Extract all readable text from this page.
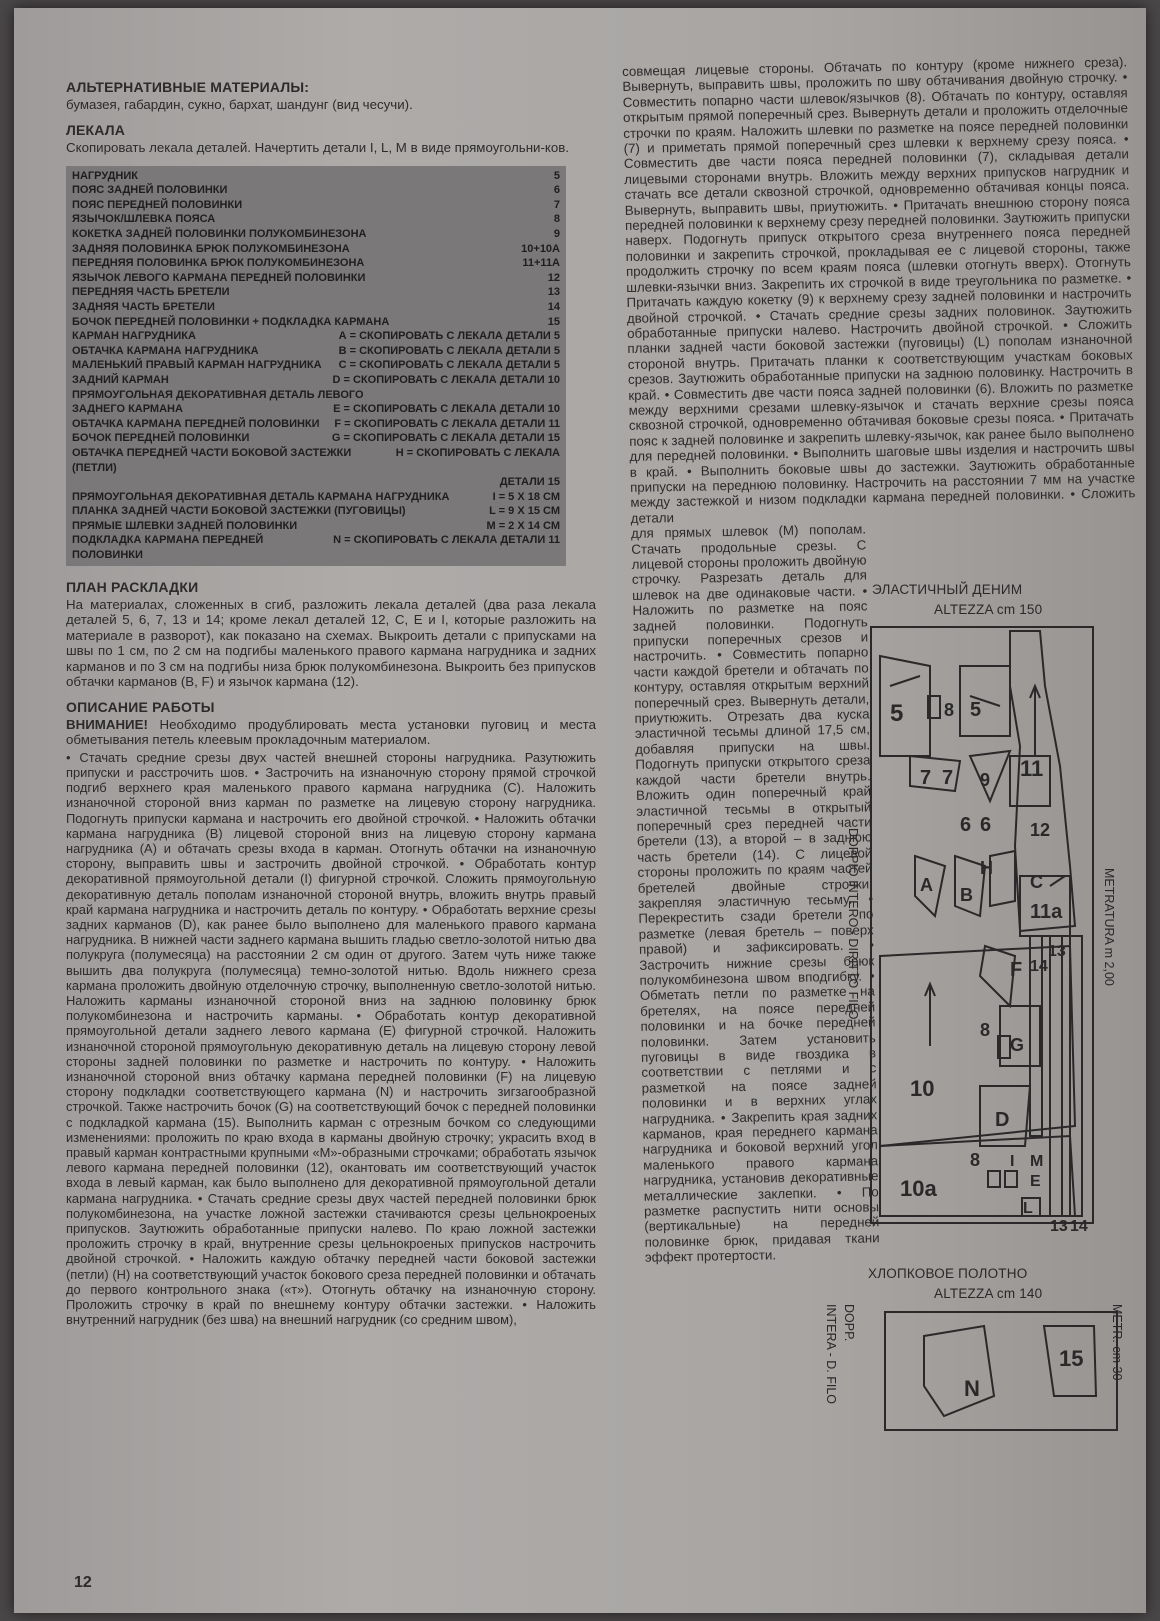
АЛЬТЕРНАТИВНЫЕ МАТЕРИАЛЫ:

бумазея, габардин, сукно, бархат, шандунг (вид чесучи).

ЛЕКАЛА

Скопировать лекала деталей. Начертить детали I, L, M в виде прямоугольни-ков.

НАГРУДНИК	5
ПОЯС ЗАДНЕЙ ПОЛОВИНКИ	6
ПОЯС ПЕРЕДНЕЙ ПОЛОВИНКИ	7
ЯЗЫЧОК/ШЛЕВКА ПОЯСА	8
КОКЕТКА ЗАДНЕЙ ПОЛОВИНКИ ПОЛУКОМБИНЕЗОНА	9
ЗАДНЯЯ ПОЛОВИНКА БРЮК ПОЛУКОМБИНЕЗОНА	10+10А
ПЕРЕДНЯЯ ПОЛОВИНКА БРЮК ПОЛУКОМБИНЕЗОНА	11+11А
ЯЗЫЧОК ЛЕВОГО КАРМАНА ПЕРЕДНЕЙ ПОЛОВИНКИ	12
ПЕРЕДНЯЯ ЧАСТЬ БРЕТЕЛИ	13
ЗАДНЯЯ ЧАСТЬ БРЕТЕЛИ	14
БОЧОК ПЕРЕДНЕЙ ПОЛОВИНКИ + ПОДКЛАДКА КАРМАНА	15
КАРМАН НАГРУДНИКА	А = СКОПИРОВАТЬ С ЛЕКАЛА ДЕТАЛИ 5
ОБТАЧКА КАРМАНА НАГРУДНИКА	В = СКОПИРОВАТЬ С ЛЕКАЛА ДЕТАЛИ 5
МАЛЕНЬКИЙ ПРАВЫЙ КАРМАН НАГРУДНИКА	С = СКОПИРОВАТЬ С ЛЕКАЛА ДЕТАЛИ 5
ЗАДНИЙ КАРМАН	D = СКОПИРОВАТЬ С ЛЕКАЛА ДЕТАЛИ 10
ПРЯМОУГОЛЬНАЯ ДЕКОРАТИВНАЯ ДЕТАЛЬ ЛЕВОГО
ЗАДНЕГО КАРМАНА	Е = СКОПИРОВАТЬ С ЛЕКАЛА ДЕТАЛИ 10
ОБТАЧКА КАРМАНА ПЕРЕДНЕЙ ПОЛОВИНКИ	F = СКОПИРОВАТЬ С ЛЕКАЛА ДЕТАЛИ 11
БОЧОК ПЕРЕДНЕЙ ПОЛОВИНКИ	G = СКОПИРОВАТЬ С ЛЕКАЛА ДЕТАЛИ 15
ОБТАЧКА ПЕРЕДНЕЙ ЧАСТИ БОКОВОЙ ЗАСТЕЖКИ (ПЕТЛИ)
Н = СКОПИРОВАТЬ С ЛЕКАЛА
ДЕТАЛИ 15
ПРЯМОУГОЛЬНАЯ ДЕКОРАТИВНАЯ ДЕТАЛЬ КАРМАНА НАГРУДНИКА	I = 5 X 18 СМ
ПЛАНКА ЗАДНЕЙ ЧАСТИ БОКОВОЙ ЗАСТЕЖКИ (ПУГОВИЦЫ)	L = 9 X 15 СМ
ПРЯМЫЕ ШЛЕВКИ ЗАДНЕЙ ПОЛОВИНКИ	M = 2 X 14 СМ
ПОДКЛАДКА КАРМАНА ПЕРЕДНЕЙ ПОЛОВИНКИ
N = СКОПИРОВАТЬ С ЛЕКАЛА ДЕТАЛИ 11
ПЛАН РАСКЛАДКИ

На материалах, сложенных в сгиб, разложить лекала деталей (два раза лекала деталей 5, 6, 7, 13 и 14; кроме лекал деталей 12, С, Е и I, которые разложить на материале в разворот), как показано на схемах. Выкроить детали с припусками на швы по 1 см, по 2 см на подгибы маленького правого кармана нагрудника и задних карманов и по 3 см на подгибы низа брюк полукомбинезона. Выкроить без припусков обтачки карманов (В, F) и язычок кармана (12).

ОПИСАНИЕ РАБОТЫ

ВНИМАНИЕ! Необходимо продублировать места установки пуговиц и места обметывания петель клеевым прокладочным материалом.

• Стачать средние срезы двух частей внешней стороны нагрудника. Разутюжить припуски и расстрочить шов. • Застрочить на изнаночную сторону прямой строчкой подгиб верхнего края маленького правого кармана нагрудника (С). Наложить изнаночной стороной вниз карман по разметке на лицевую сторону нагрудника. Подогнуть припуски кармана и настрочить его двойной строчкой. • Наложить обтачки кармана нагрудника (В) лицевой стороной вниз на лицевую сторону кармана нагрудника (А) и обтачать срезы входа в карман. Отогнуть обтачки на изнаночную сторону, выправить швы и застрочить двойной строчкой. • Обработать контур декоративной прямоугольной детали (I) фигурной строчкой. Сложить прямоугольную декоративную деталь пополам изнаночной стороной внутрь, вложить внутрь правый край кармана нагрудника и настрочить деталь по контуру. • Обработать верхние срезы задних карманов (D), как ранее было выполнено для маленького правого кармана нагрудника. В нижней части заднего кармана вышить гладью светло-золотой нитью два полукруга (полумесяца) на расстоянии 2 см один от другого. Затем чуть ниже также вышить два полукруга (полумесяца) темно-золотой нитью. Вдоль нижнего среза кармана проложить двойную отделочную строчку, выполненную светло-золотой нитью. Наложить карманы изнаночной стороной вниз на заднюю половинку брюк полукомбинезона и настрочить карманы. • Обработать контур декоративной прямоугольной детали заднего левого кармана (Е) фигурной строчкой. Наложить изнаночной стороной прямоугольную декоративную деталь на лицевую сторону левой стороны задней половинки по разметке и настрочить по контуру. • Наложить изнаночной стороной вниз обтачку кармана передней половинки (F) на лицевую сторону подкладки соответствующего кармана (N) и настрочить зигзагообразной строчкой. Также настрочить бочок (G) на соответствующий бочок с передней половинки с подкладкой кармана (15). Выполнить карман с отрезным бочком со следующими изменениями: проложить по краю входа в карманы двойную строчку; украсить вход в правый карман контрастными крупными «М»-образными строчками; обработать язычок левого кармана передней половинки (12), окантовать им соответствующий участок входа в левый карман, как было выполнено для декоративной прямоугольной детали кармана нагрудника. • Стачать средние срезы двух частей передней половинки брюк полукомбинезона, на участке ложной застежки стачиваются срезы цельнокроеных припусков. Заутюжить обработанные припуски налево. По краю ложной застежки проложить строчку в край, внутренние срезы цельнокроеных припусков настрочить двойной строчкой. • Наложить каждую обтачку передней части боковой застежки (петли) (Н) на соответствующий участок бокового среза передней половинки и обтачать до первого контрольного знака («т»). Отогнуть обтачку на изнаночную сторону. Проложить строчку в край по внешнему контуру обтачки застежки. • Наложить внутренний нагрудник (без шва) на внешний нагрудник (со средним швом),

12

совмещая лицевые стороны. Обтачать по контуру (кроме нижнего среза). Вывернуть, выправить швы, проложить по шву обтачивания двойную строчку. • Совместить попарно части шлевок/язычков (8). Обтачать по контуру, оставляя открытым прямой поперечный срез. Вывернуть детали и проложить отделочные строчки по краям. Наложить шлевки по разметке на поясе передней половинки (7) и приметать прямой поперечный срез шлевки к верхнему срезу пояса. • Совместить две части пояса передней половинки (7), складывая детали лицевыми сторонами внутрь. Вложить между верхних припусков нагрудник и стачать все детали сквозной строчкой, одновременно обтачивая концы пояса. Вывернуть, выправить швы, приутюжить. • Притачать внешнюю сторону пояса передней половинки к верхнему срезу передней половинки. Заутюжить припуски наверх. Подогнуть припуск открытого среза внутреннего пояса передней половинки и закрепить строчкой, прокладывая ее с лицевой стороны, также продолжить строчку по всем краям пояса (шлевки отогнуть вверх). Отогнуть шлевки-язычки вниз. Закрепить их строчкой в виде треугольника по разметке. • Притачать каждую кокетку (9) к верхнему срезу задней половинки и настрочить двойной строчкой. • Стачать средние срезы задних половинок. Заутюжить обработанные припуски налево. Настрочить двойной строчкой. • Сложить планки задней части боковой застежки (пуговицы) (L) пополам изнаночной стороной внутрь. Притачать планки к соответствующим участкам боковых срезов. Заутюжить обработанные припуски на заднюю половинку. Настрочить в край. • Совместить две части пояса задней половинки (6). Вложить по разметке между верхними срезами шлевку-язычок и стачать верхние срезы пояса сквозной строчкой, одновременно обтачивая боковые срезы пояса. • Притачать пояс к задней половинке и закрепить шлевку-язычок, как ранее было выполнено для передней половинки. • Выполнить шаговые швы изделия и настрочить швы в край. • Выполнить боковые швы до застежки. Заутюжить обработанные припуски на переднюю половинку. Настрочить на расстоянии 7 мм на участке между застежкой и низом подкладки кармана передней половинки. • Сложить детали

для прямых шлевок (М) пополам. Стачать продольные срезы. С лицевой стороны проложить двойную строчку. Разрезать деталь для шлевок на две одинаковые части. • Наложить по разметке на пояс задней половинки. Подогнуть припуски поперечных срезов и настрочить. • Совместить попарно части каждой бретели и обтачать по контуру, оставляя открытым верхний поперечный срез. Вывернуть детали, приутюжить. Отрезать два куска эластичной тесьмы длиной 17,5 см, добавляя припуски на швы. Подогнуть припуски открытого среза каждой части бретели внутрь. Вложить один поперечный край эластичной тесьмы в открытый поперечный срез передней части бретели (13), а второй – в заднюю часть бретели (14). С лицевой стороны проложить по краям частей бретелей двойные строчки, закрепляя эластичную тесьму. • Перекрестить сзади бретели по разметке (левая бретель – поверх правой) и зафиксировать. • Застрочить нижние срезы брюк полукомбинезона швом вподгибку. • Обметать петли по разметке на бретелях, на поясе передней половинки и на бочке передней половинки. Затем установить пуговицы в виде гвоздика в соответствии с петлями и с разметкой на поясе задней половинки и в верхних углах нагрудника. • Закрепить края задних карманов, края переднего кармана нагрудника и боковой верхний угол маленького правого кармана нагрудника, установив декоративные металлические заклепки. • По разметке распустить нити основы (вертикальные) на передней половинке брюк, придавая ткани эффект протертости.

ЭЛАСТИЧНЫЙ ДЕНИМ
ALTEZZA cm 150
DOPPIO INTERO - DIRITTO FILO	METRATURA m 2,00
5	5
8
11
7 7 9
6 6 12
H
C
A B
11a
F
13
14
10
8
G
D
I M
E
8
10a
L
13 14
ХЛОПКОВОЕ ПОЛОТНО
ALTEZZA cm 140
DOPP.
INTERA - D. FILO	METR. cm 30
15
N
